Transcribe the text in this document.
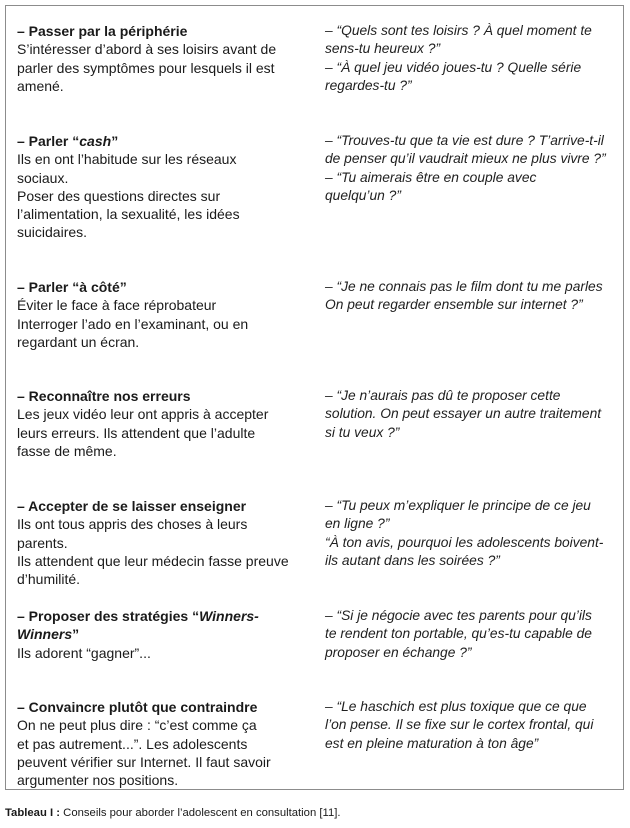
– Passer par la périphérie
S’intéresser d’abord à ses loisirs avant de
parler des symptômes pour lesquels il est
amené.
– “Quels sont tes loisirs ? À quel moment te
sens-tu heureux ?”
– “À quel jeu vidéo joues-tu ? Quelle série
regardes-tu ?”
– Parler “cash”
Ils en ont l’habitude sur les réseaux
sociaux.
Poser des questions directes sur
l’alimentation, la sexualité, les idées
suicidaires.
– “Trouves-tu que ta vie est dure ? T’arrive-t-il
de penser qu’il vaudrait mieux ne plus vivre ?”
– “Tu aimerais être en couple avec
quelqu’un ?”
– Parler “à côté”
Éviter le face à face réprobateur
Interroger l’ado en l’examinant, ou en
regardant un écran.
– “Je ne connais pas le film dont tu me parles
On peut regarder ensemble sur internet ?”
– Reconnaître nos erreurs
Les jeux vidéo leur ont appris à accepter
leurs erreurs. Ils attendent que l’adulte
fasse de même.
– “Je n’aurais pas dû te proposer cette
solution. On peut essayer un autre traitement
si tu veux ?”
– Accepter de se laisser enseigner
Ils ont tous appris des choses à leurs
parents.
Ils attendent que leur médecin fasse preuve
d’humilité.
– “Tu peux m’expliquer le principe de ce jeu
en ligne ?”
“À ton avis, pourquoi les adolescents boivent-
ils autant dans les soirées ?”
– Proposer des stratégies “Winners-
Winners”
Ils adorent “gagner”...
– “Si je négocie avec tes parents pour qu’ils
te rendent ton portable, qu’es-tu capable de
proposer en échange ?”
– Convaincre plutôt que contraindre
On ne peut plus dire : “c’est comme ça
et pas autrement...”. Les adolescents
peuvent vérifier sur Internet. Il faut savoir
argumenter nos positions.
– “Le haschich est plus toxique que ce que
l’on pense. Il se fixe sur le cortex frontal, qui
est en pleine maturation à ton âge”
Tableau I : Conseils pour aborder l’adolescent en consultation [11].
